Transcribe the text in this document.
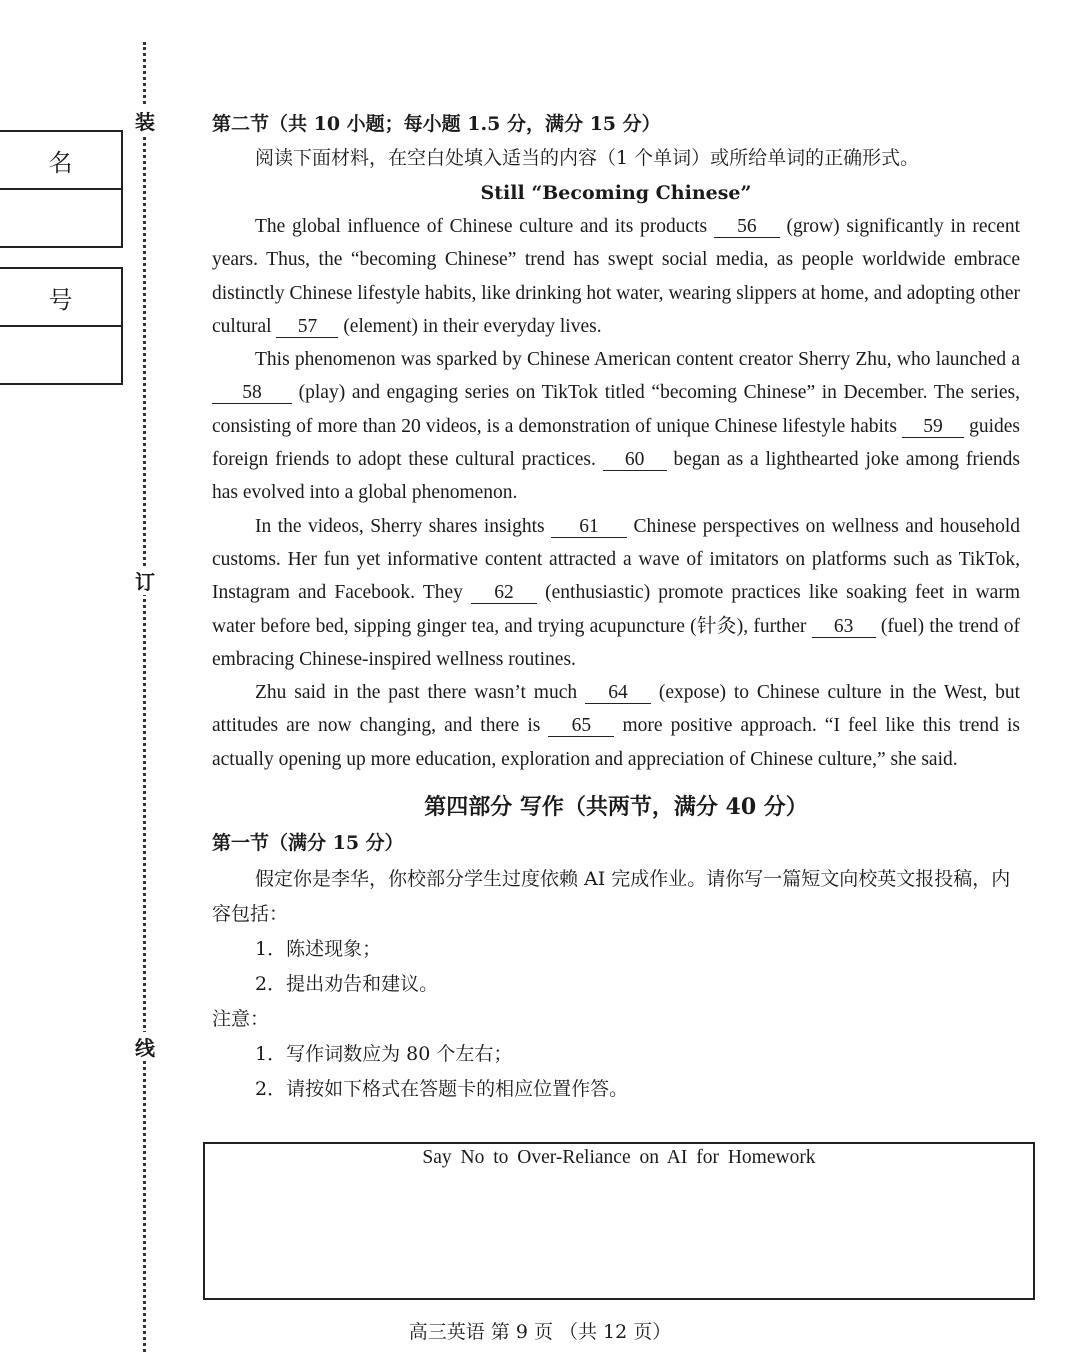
装
订
线
名
号
第二节（共 10 小题；每小题 1.5 分，满分 15 分）
阅读下面材料，在空白处填入适当的内容（1 个单词）或所给单词的正确形式。
Still “Becoming Chinese”

The global influence of Chinese culture and its products 56 (grow) significantly in recent years. Thus, the “becoming Chinese” trend has swept social media, as people worldwide embrace distinctly Chinese lifestyle habits, like drinking hot water, wearing slippers at home, and adopting other cultural 57 (element) in their everyday lives.

This phenomenon was sparked by Chinese American content creator Sherry Zhu, who launched a 58 (play) and engaging series on TikTok titled “becoming Chinese” in December. The series, consisting of more than 20 videos, is a demonstration of unique Chinese lifestyle habits 59 guides foreign friends to adopt these cultural practices. 60 began as a lighthearted joke among friends has evolved into a global phenomenon.

In the videos, Sherry shares insights 61 Chinese perspectives on wellness and household customs. Her fun yet informative content attracted a wave of imitators on platforms such as TikTok, Instagram and Facebook. They 62 (enthusiastic) promote practices like soaking feet in warm water before bed, sipping ginger tea, and trying acupuncture (针灸), further 63 (fuel) the trend of embracing Chinese-inspired wellness routines.

Zhu said in the past there wasn’t much 64 (expose) to Chinese culture in the West, but attitudes are now changing, and there is 65 more positive approach. “I feel like this trend is actually opening up more education, exploration and appreciation of Chinese culture,” she said.

第四部分 写作（共两节，满分 40 分）
第一节（满分 15 分）
假定你是李华，你校部分学生过度依赖 AI 完成作业。请你写一篇短文向校英文报投稿，内容包括：
1．陈述现象；
2．提出劝告和建议。
注意：
1．写作词数应为 80 个左右；
2．请按如下格式在答题卡的相应位置作答。
Say No to Over-Reliance on AI for Homework
高三英语 第 9 页 （共 12 页）
